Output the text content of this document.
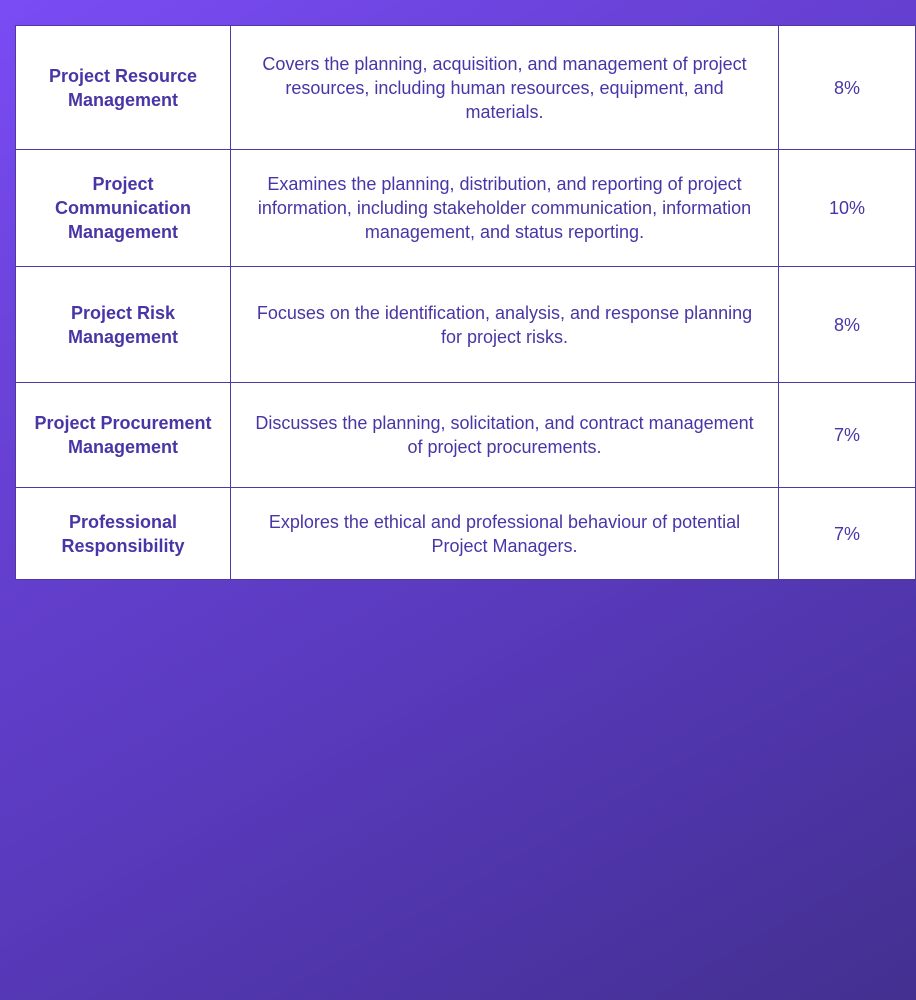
Project Resource Management	Covers the planning, acquisition, and management of project resources, including human resources, equipment, and materials.	8%
Project Communication Management	Examines the planning, distribution, and reporting of project information, including stakeholder communication, information management, and status reporting.	10%
Project Risk Management	Focuses on the identification, analysis, and response planning for project risks.	8%
Project Procurement Management	Discusses the planning, solicitation, and contract management of project procurements.	7%
Professional Responsibility	Explores the ethical and professional behaviour of potential Project Managers.	7%
